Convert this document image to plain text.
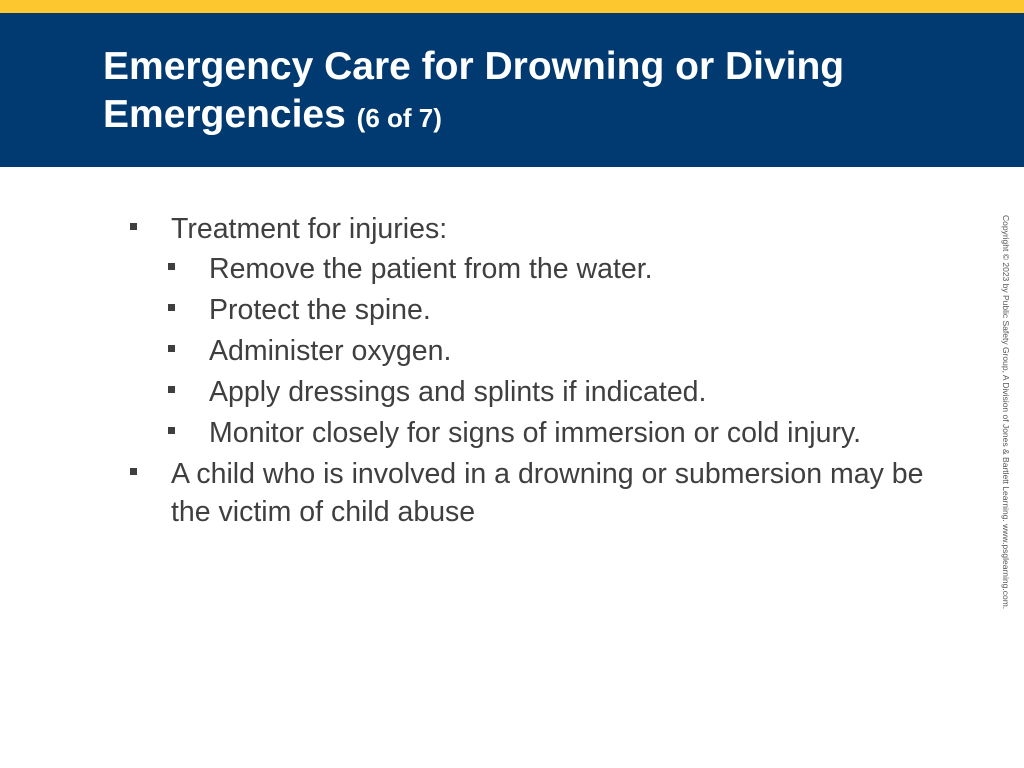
Emergency Care for Drowning or Diving Emergencies (6 of 7)
Treatment for injuries:
Remove the patient from the water.
Protect the spine.
Administer oxygen.
Apply dressings and splints if indicated.
Monitor closely for signs of immersion or cold injury.
A child who is involved in a drowning or submersion may be the victim of child abuse	Copyright © 2023 by Public Safety Group, A Division of Jones & Bartlett Learning. www.psglearning.com.
